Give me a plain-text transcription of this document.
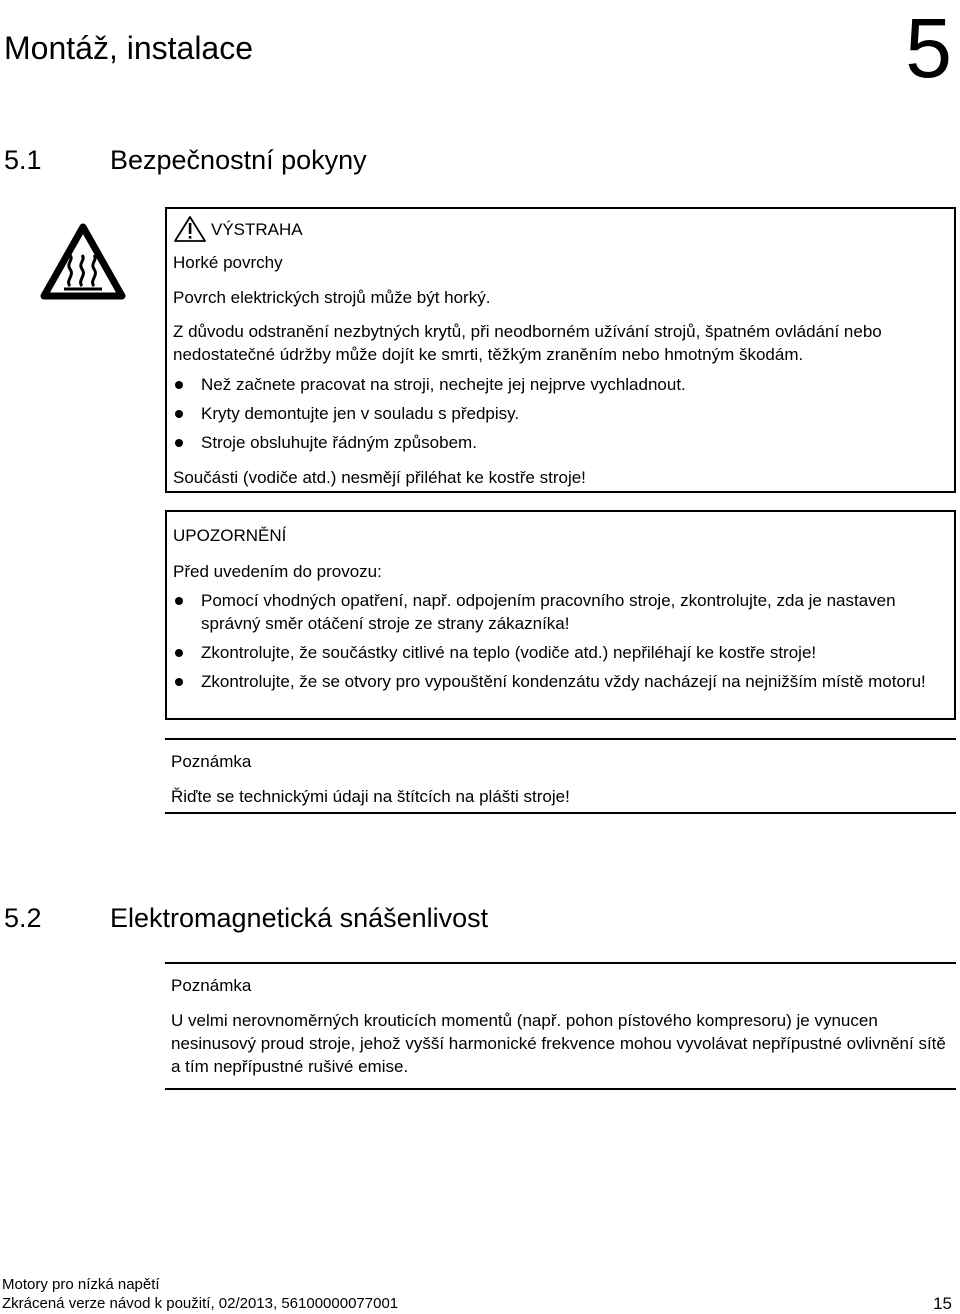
Montáž, instalace	5
5.1	Bezpečnostní pokyny
VÝSTRAHA
Horké povrchy
Povrch elektrických strojů může být horký.
Z důvodu odstranění nezbytných krytů, při neodborném užívání strojů, špatném ovládání nebo nedostatečné údržby může dojít ke smrti, těžkým zraněním nebo hmotným škodám.
Než začnete pracovat na stroji, nechejte jej nejprve vychladnout.
Kryty demontujte jen v souladu s předpisy.
Stroje obsluhujte řádným způsobem.
Součásti (vodiče atd.) nesmějí přiléhat ke kostře stroje!
UPOZORNĚNÍ
Před uvedením do provozu:
Pomocí vhodných opatření, např. odpojením pracovního stroje, zkontrolujte, zda je nastaven správný směr otáčení stroje ze strany zákazníka!
Zkontrolujte, že součástky citlivé na teplo (vodiče atd.) nepřiléhají ke kostře stroje!
Zkontrolujte, že se otvory pro vypouštění kondenzátu vždy nacházejí na nejnižším místě motoru!
Poznámka
Řiďte se technickými údaji na štítcích na plášti stroje!
5.2	Elektromagnetická snášenlivost
Poznámka
U velmi nerovnoměrných krouticích momentů (např. pohon pístového kompresoru) je vynucen nesinusový proud stroje, jehož vyšší harmonické frekvence mohou vyvolávat nepřípustné ovlivnění sítě a tím nepřípustné rušivé emise.
Motory pro nízká napětí
Zkrácená verze návod k použití, 02/2013, 56100000077001	15
